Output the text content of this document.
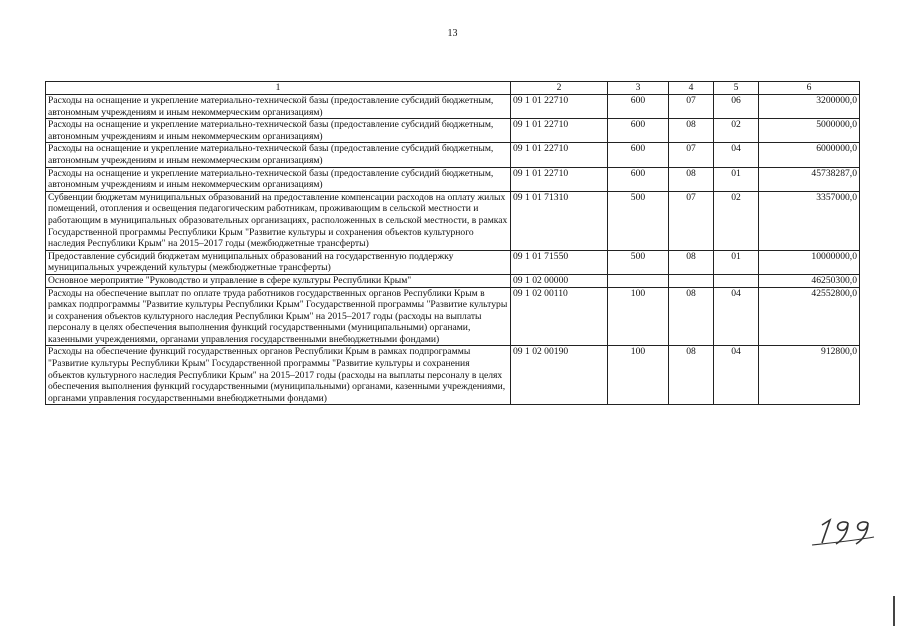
13
1	2	3	4	5	6
Расходы на оснащение и укрепление материально-технической базы (предоставление субсидий бюджетным, автономным учреждениям и иным некоммерческим организациям)	09 1 01 22710	600	07	06	3200000,0
Расходы на оснащение и укрепление материально-технической базы (предоставление субсидий бюджетным, автономным учреждениям и иным некоммерческим организациям)	09 1 01 22710	600	08	02	5000000,0
Расходы на оснащение и укрепление материально-технической базы (предоставление субсидий бюджетным, автономным учреждениям и иным некоммерческим организациям)	09 1 01 22710	600	07	04	6000000,0
Расходы на оснащение и укрепление материально-технической базы (предоставление субсидий бюджетным, автономным учреждениям и иным некоммерческим организациям)	09 1 01 22710	600	08	01	45738287,0
Субвенции бюджетам муниципальных образований на предоставление компенсации расходов на оплату жилых помещений, отопления и освещения педагогическим работникам, проживающим в сельской местности и работающим в муниципальных образовательных организациях, расположенных в сельской местности, в рамках Государственной программы Республики Крым "Развитие культуры и сохранения объектов культурного наследия Республики Крым" на 2015–2017 годы (межбюджетные трансферты)	09 1 01 71310	500	07	02	3357000,0
Предоставление субсидий бюджетам муниципальных образований на государственную поддержку муниципальных учреждений культуры (межбюджетные трансферты)	09 1 01 71550	500	08	01	10000000,0
Основное мероприятие "Руководство и управление в сфере культуры Республики Крым"	09 1 02 00000				46250300,0
Расходы на обеспечение выплат по оплате труда работников государственных органов Республики Крым в рамках подпрограммы "Развитие культуры Республики Крым" Государственной программы "Развитие культуры и сохранения объектов культурного наследия Республики Крым" на 2015–2017 годы (расходы на выплаты персоналу в целях обеспечения выполнения функций государственными (муниципальными) органами, казенными учреждениями, органами управления государственными внебюджетными фондами)	09 1 02 00110	100	08	04	42552800,0
Расходы на обеспечение функций государственных органов Республики Крым в рамках подпрограммы "Развитие культуры Республики Крым" Государственной программы "Развитие культуры и сохранения объектов культурного наследия Республики Крым" на 2015–2017 годы (расходы на выплаты персоналу в целях обеспечения выполнения функций государственными (муниципальными) органами, казенными учреждениями, органами управления государственными внебюджетными фондами)	09 1 02 00190	100	08	04	912800,0
